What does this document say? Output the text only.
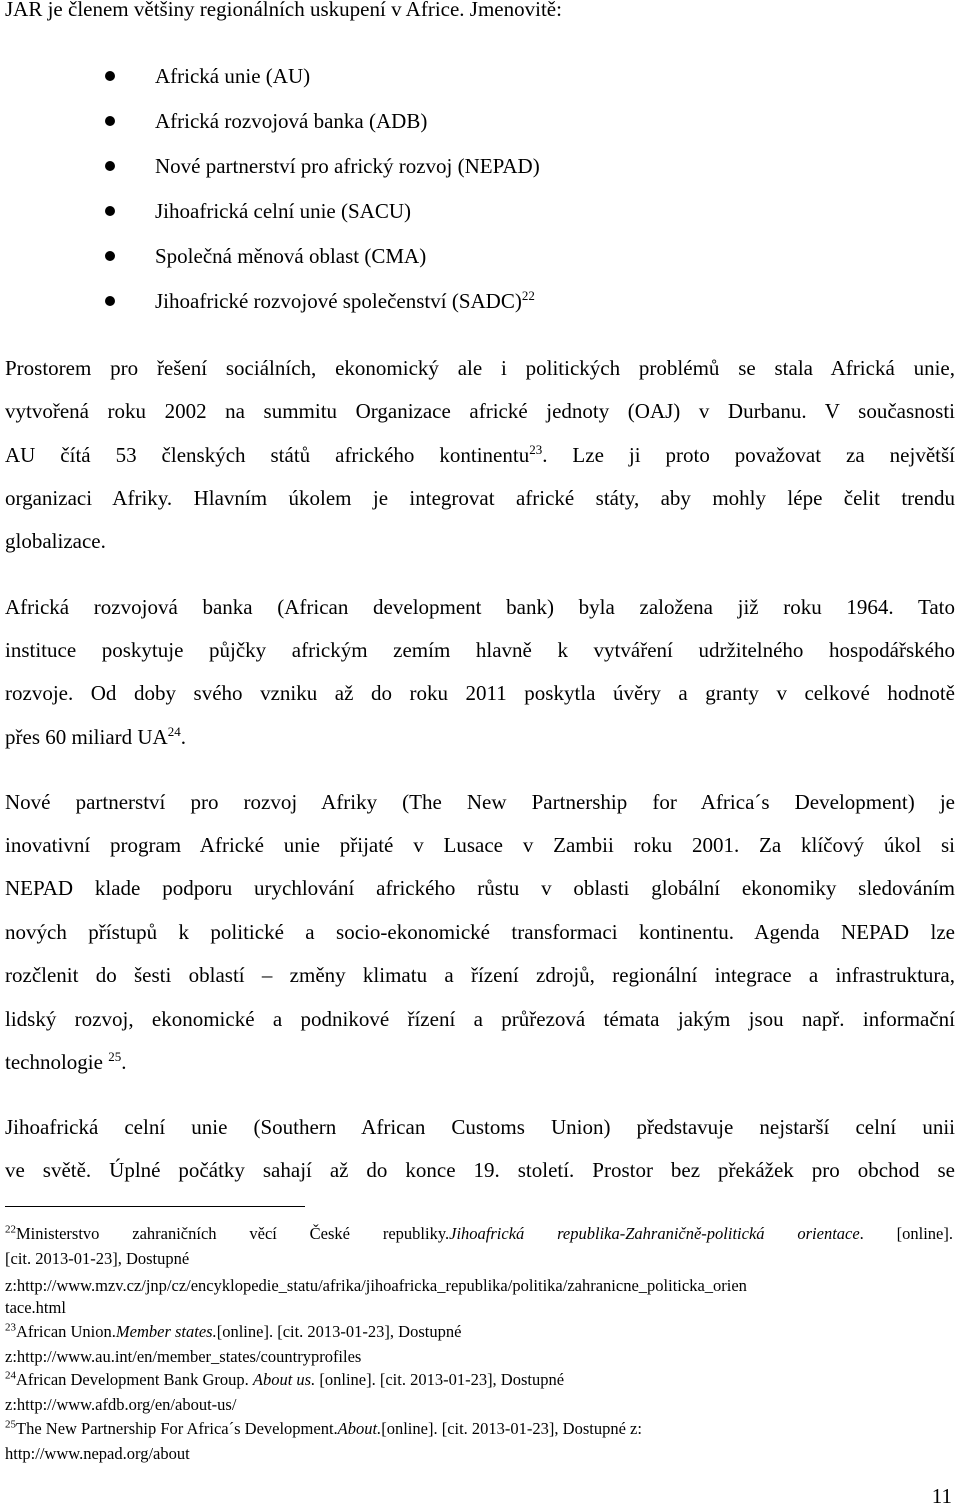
JAR je členem většiny regionálních uskupení v Africe. Jmenovitě:
Africká unie (AU)
Africká rozvojová banka (ADB)
Nové partnerství pro africký rozvoj (NEPAD)
Jihoafrická celní unie (SACU)
Společná měnová oblast (CMA)
Jihoafrické rozvojové společenství (SADC)$^{22}$
Prostorem pro řešení sociálních, ekonomický ale i politických problémů se stala Africká unie,
vytvořená roku 2002 na summitu Organizace africké jednoty (OAJ) v Durbanu. V současnosti
AU čítá 53 členských států afrického kontinentu$^{23}$. Lze ji proto považovat za největší
organizaci Afriky. Hlavním úkolem je integrovat africké státy, aby mohly lépe čelit trendu
globalizace.
Africká rozvojová banka (African development bank) byla založena již roku 1964. Tato
instituce poskytuje půjčky africkým zemím hlavně k vytváření udržitelného hospodářského
rozvoje. Od doby svého vzniku až do roku 2011 poskytla úvěry a granty v celkové hodnotě
přes 60 miliard UA$^{24}$.
Nové partnerství pro rozvoj Afriky (The New Partnership for Africa´s Development) je
inovativní program Africké unie přijaté v Lusace v Zambii roku 2001. Za klíčový úkol si
NEPAD klade podporu urychlování afrického růstu v oblasti globální ekonomiky sledováním
nových přístupů k politické a socio-ekonomické transformaci kontinentu. Agenda NEPAD lze
rozčlenit do šesti oblastí – změny klimatu a řízení zdrojů, regionální integrace a infrastruktura,
lidský rozvoj, ekonomické a podnikové řízení a průřezová témata jakým jsou např. informační
technologie $^{25}$.
Jihoafrická celní unie (Southern African Customs Union) představuje nejstarší celní unii
ve světě. Úplné počátky sahají až do konce 19. století. Prostor bez překážek pro obchod se
$^{22}$Ministerstvo zahraničních věcí České republiky.Jihoafrická republika-Zahraničně-politická orientace. [online].
[cit. 2013-01-23], Dostupné
z:http://www.mzv.cz/jnp/cz/encyklopedie_statu/afrika/jihoafricka_republika/politika/zahranicne_politicka_orien
tace.html
$^{23}$African Union.Member states.[online]. [cit. 2013-01-23], Dostupné
z:http://www.au.int/en/member_states/countryprofiles
$^{24}$African Development Bank Group. About us. [online]. [cit. 2013-01-23], Dostupné
z:http://www.afdb.org/en/about-us/
$^{25}$The New Partnership For Africa´s Development.About.[online]. [cit. 2013-01-23], Dostupné z:
http://www.nepad.org/about
11
